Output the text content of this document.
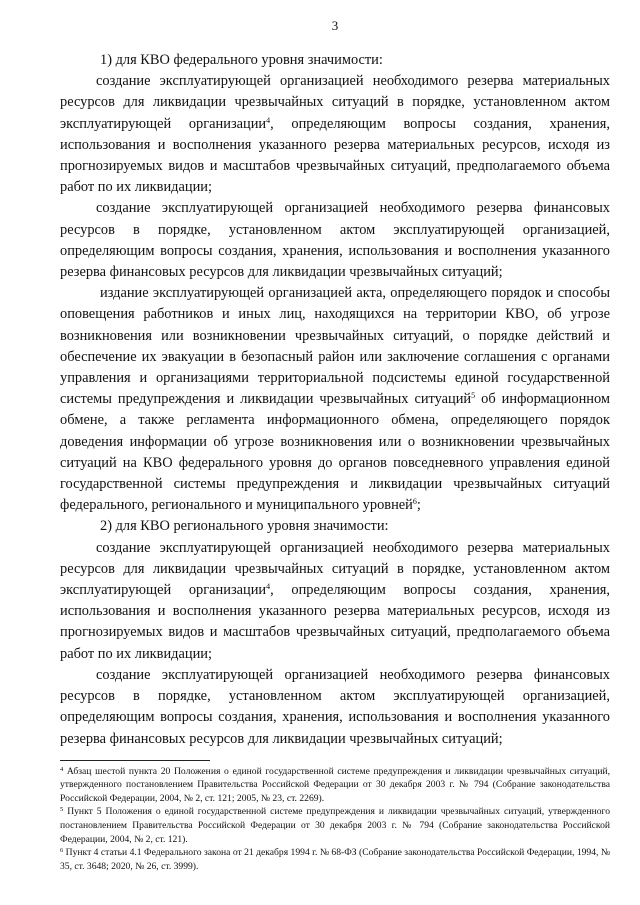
3

1) для КВО федерального уровня значимости:

создание эксплуатирующей организацией необходимого резерва материальных ресурсов для ликвидации чрезвычайных ситуаций в порядке, установленном актом эксплуатирующей организации$^4$, определяющим вопросы создания, хранения, использования и восполнения указанного резерва материальных ресурсов, исходя из прогнозируемых видов и масштабов чрезвычайных ситуаций, предполагаемого объема работ по их ликвидации;

создание эксплуатирующей организацией необходимого резерва финансовых ресурсов в порядке, установленном актом эксплуатирующей организацией, определяющим вопросы создания, хранения, использования и восполнения указанного резерва финансовых ресурсов для ликвидации чрезвычайных ситуаций;

издание эксплуатирующей организацией акта, определяющего порядок и способы оповещения работников и иных лиц, находящихся на территории КВО, об угрозе возникновения или возникновении чрезвычайных ситуаций, о порядке действий и обеспечение их эвакуации в безопасный район или заключение соглашения с органами управления и организациями территориальной подсистемы единой государственной системы предупреждения и ликвидации чрезвычайных ситуаций$^5$ об информационном обмене, а также регламента информационного обмена, определяющего порядок доведения информации об угрозе возникновения или о возникновении чрезвычайных ситуаций на КВО федерального уровня до органов повседневного управления единой государственной системы предупреждения и ликвидации чрезвычайных ситуаций федерального, регионального и муниципального уровней$^6$;

2) для КВО регионального уровня значимости:

создание эксплуатирующей организацией необходимого резерва материальных ресурсов для ликвидации чрезвычайных ситуаций в порядке, установленном актом эксплуатирующей организации$^4$, определяющим вопросы создания, хранения, использования и восполнения указанного резерва материальных ресурсов, исходя из прогнозируемых видов и масштабов чрезвычайных ситуаций, предполагаемого объема работ по их ликвидации;

создание эксплуатирующей организацией необходимого резерва финансовых ресурсов в порядке, установленном актом эксплуатирующей организацией, определяющим вопросы создания, хранения, использования и восполнения указанного резерва финансовых ресурсов для ликвидации чрезвычайных ситуаций;

$^4$ Абзац шестой пункта 20 Положения о единой государственной системе предупреждения и ликвидации чрезвычайных ситуаций, утвержденного постановлением Правительства Российской Федерации от 30 декабря 2003 г. № 794 (Собрание законодательства Российской Федерации, 2004, № 2, ст. 121; 2005, № 23, ст. 2269).

$^5$ Пункт 5 Положения о единой государственной системе предупреждения и ликвидации чрезвычайных ситуаций, утвержденного постановлением Правительства Российской Федерации от 30 декабря 2003 г. № 794 (Собрание законодательства Российской Федерации, 2004, № 2, ст. 121).

$^6$ Пункт 4 статьи 4.1 Федерального закона от 21 декабря 1994 г. № 68-ФЗ (Собрание законодательства Российской Федерации, 1994, № 35, ст. 3648; 2020, № 26, ст. 3999).
